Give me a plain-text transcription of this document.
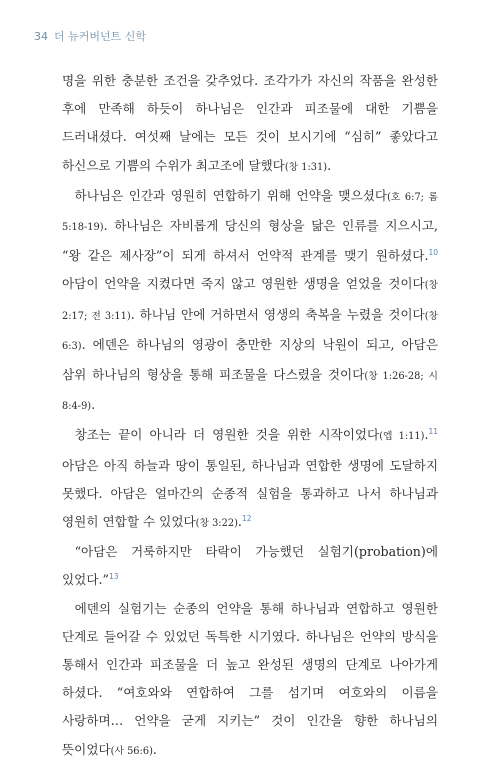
34 더 뉴커버넌트 신학

명을 위한 충분한 조건을 갖추었다. 조각가가 자신의 작품을 완성한 후에 만족해 하듯이 하나님은 인간과 피조물에 대한 기쁨을 드러내셨다. 여섯째 날에는 모든 것이 보시기에 “심히” 좋았다고 하신으로 기쁨의 수위가 최고조에 달했다(창 1:31).

하나님은 인간과 영원히 연합하기 위해 언약을 맺으셨다(호 6:7; 롬 5:18-19). 하나님은 자비롭게 당신의 형상을 닮은 인류를 지으시고, “왕 같은 제사장”이 되게 하셔서 언약적 관계를 맺기 원하셨다.$^{10}$ 아담이 언약을 지켰다면 죽지 않고 영원한 생명을 얻었을 것이다(창 2:17; 전 3:11). 하나님 안에 거하면서 영생의 축복을 누렸을 것이다(창 6:3). 에덴은 하나님의 영광이 충만한 지상의 낙원이 되고, 아담은 삼위 하나님의 형상을 통해 피조물을 다스렸을 것이다(창 1:26-28; 시 8:4-9).

창조는 끝이 아니라 더 영원한 것을 위한 시작이었다(엡 1:11).$^{11}$ 아담은 아직 하늘과 땅이 통일된, 하나님과 연합한 생명에 도달하지 못했다. 아담은 얼마간의 순종적 실험을 통과하고 나서 하나님과 영원히 연합할 수 있었다(창 3:22).$^{12}$

“아담은 거룩하지만 타락이 가능했던 실험기(probation)에 있었다.”$^{13}$

에덴의 실험기는 순종의 언약을 통해 하나님과 연합하고 영원한 단계로 들어갈 수 있었던 독특한 시기였다. 하나님은 언약의 방식을 통해서 인간과 피조물을 더 높고 완성된 생명의 단계로 나아가게 하셨다. “여호와와 연합하여 그를 섬기며 여호와의 이름을 사랑하며… 언약을 굳게 지키는” 것이 인간을 향한 하나님의 뜻이었다(사 56:6).
